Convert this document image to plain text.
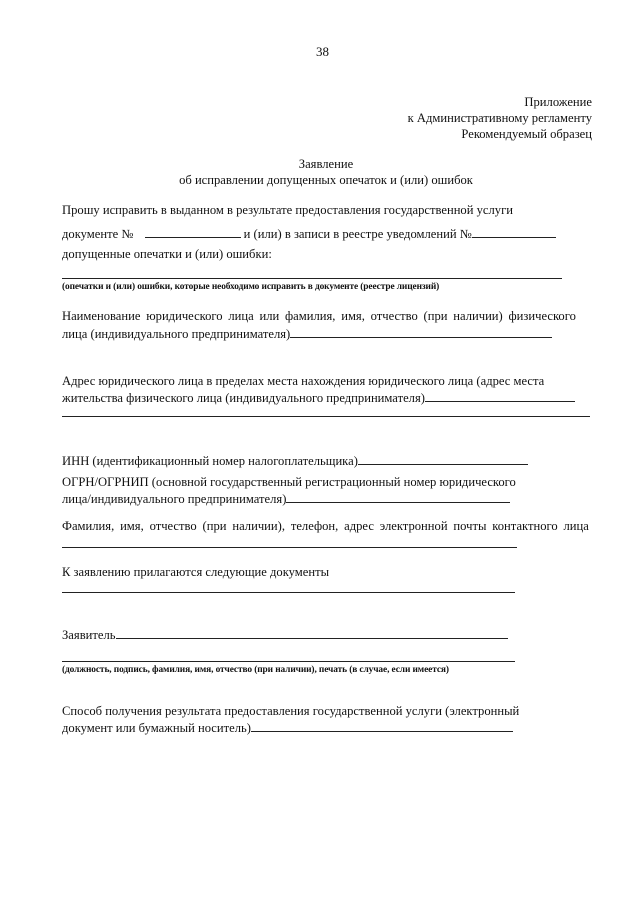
38
Приложение
к Административному регламенту
Рекомендуемый образец
Заявление
об исправлении допущенных опечаток и (или) ошибок
Прошу исправить в выданном в результате предоставления государственной услуги
документе №	и (или) в записи в реестре уведомлений №
допущенные опечатки и (или) ошибки:
(опечатки и (или) ошибки, которые необходимо исправить в документе (реестре лицензий)
Наименование юридического лица или фамилия, имя, отчество (при наличии) физического
лица (индивидуального предпринимателя)
Адрес юридического лица в пределах места нахождения юридического лица (адрес места
жительства физического лица (индивидуального предпринимателя)
ИНН (идентификационный номер налогоплательщика)
ОГРН/ОГРНИП (основной государственный регистрационный номер юридического
лица/индивидуального предпринимателя)
Фамилия, имя, отчество (при наличии), телефон, адрес электронной почты контактного лица
К заявлению прилагаются следующие документы
Заявитель
(должность, подпись, фамилия, имя, отчество (при наличии), печать (в случае, если имеется)
Способ получения результата предоставления государственной услуги (электронный
документ или бумажный носитель)
